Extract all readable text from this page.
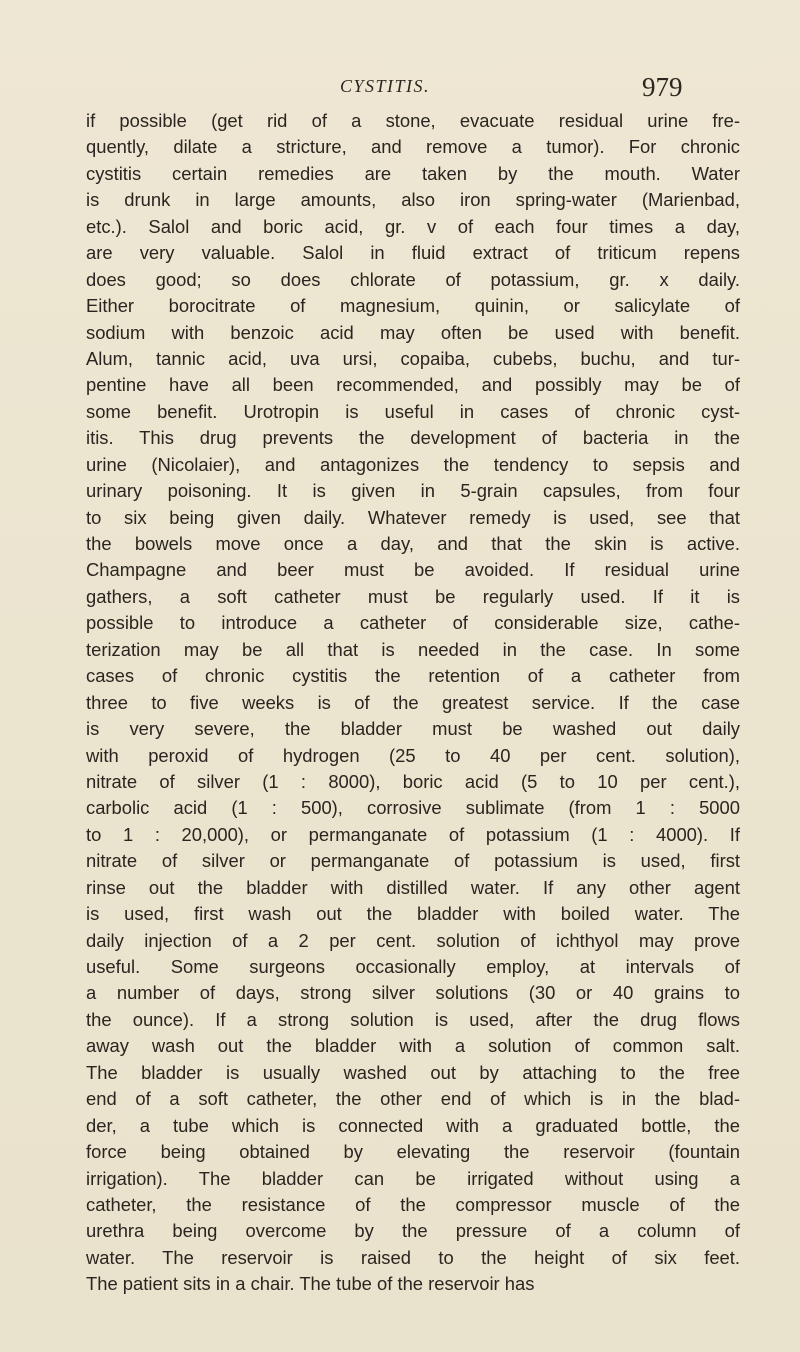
CYSTITIS.	979
if possible (get rid of a stone, evacuate residual urine fre-
quently, dilate a stricture, and remove a tumor). For chronic
cystitis certain remedies are taken by the mouth. Water
is drunk in large amounts, also iron spring-water (Marienbad,
etc.). Salol and boric acid, gr. v of each four times a day,
are very valuable. Salol in fluid extract of triticum repens
does good; so does chlorate of potassium, gr. x daily.
Either borocitrate of magnesium, quinin, or salicylate of
sodium with benzoic acid may often be used with benefit.
Alum, tannic acid, uva ursi, copaiba, cubebs, buchu, and tur-
pentine have all been recommended, and possibly may be of
some benefit. Urotropin is useful in cases of chronic cyst-
itis. This drug prevents the development of bacteria in the
urine (Nicolaier), and antagonizes the tendency to sepsis and
urinary poisoning. It is given in 5-grain capsules, from four
to six being given daily. Whatever remedy is used, see that
the bowels move once a day, and that the skin is active.
Champagne and beer must be avoided. If residual urine
gathers, a soft catheter must be regularly used. If it is
possible to introduce a catheter of considerable size, cathe-
terization may be all that is needed in the case. In some
cases of chronic cystitis the retention of a catheter from
three to five weeks is of the greatest service. If the case
is very severe, the bladder must be washed out daily
with peroxid of hydrogen (25 to 40 per cent. solution),
nitrate of silver (1 : 8000), boric acid (5 to 10 per cent.),
carbolic acid (1 : 500), corrosive sublimate (from 1 : 5000
to 1 : 20,000), or permanganate of potassium (1 : 4000). If
nitrate of silver or permanganate of potassium is used, first
rinse out the bladder with distilled water. If any other agent
is used, first wash out the bladder with boiled water. The
daily injection of a 2 per cent. solution of ichthyol may prove
useful. Some surgeons occasionally employ, at intervals of
a number of days, strong silver solutions (30 or 40 grains to
the ounce). If a strong solution is used, after the drug flows
away wash out the bladder with a solution of common salt.
The bladder is usually washed out by attaching to the free
end of a soft catheter, the other end of which is in the blad-
der, a tube which is connected with a graduated bottle, the
force being obtained by elevating the reservoir (fountain
irrigation). The bladder can be irrigated without using a
catheter, the resistance of the compressor muscle of the
urethra being overcome by the pressure of a column of
water. The reservoir is raised to the height of six feet.
The patient sits in a chair. The tube of the reservoir has
